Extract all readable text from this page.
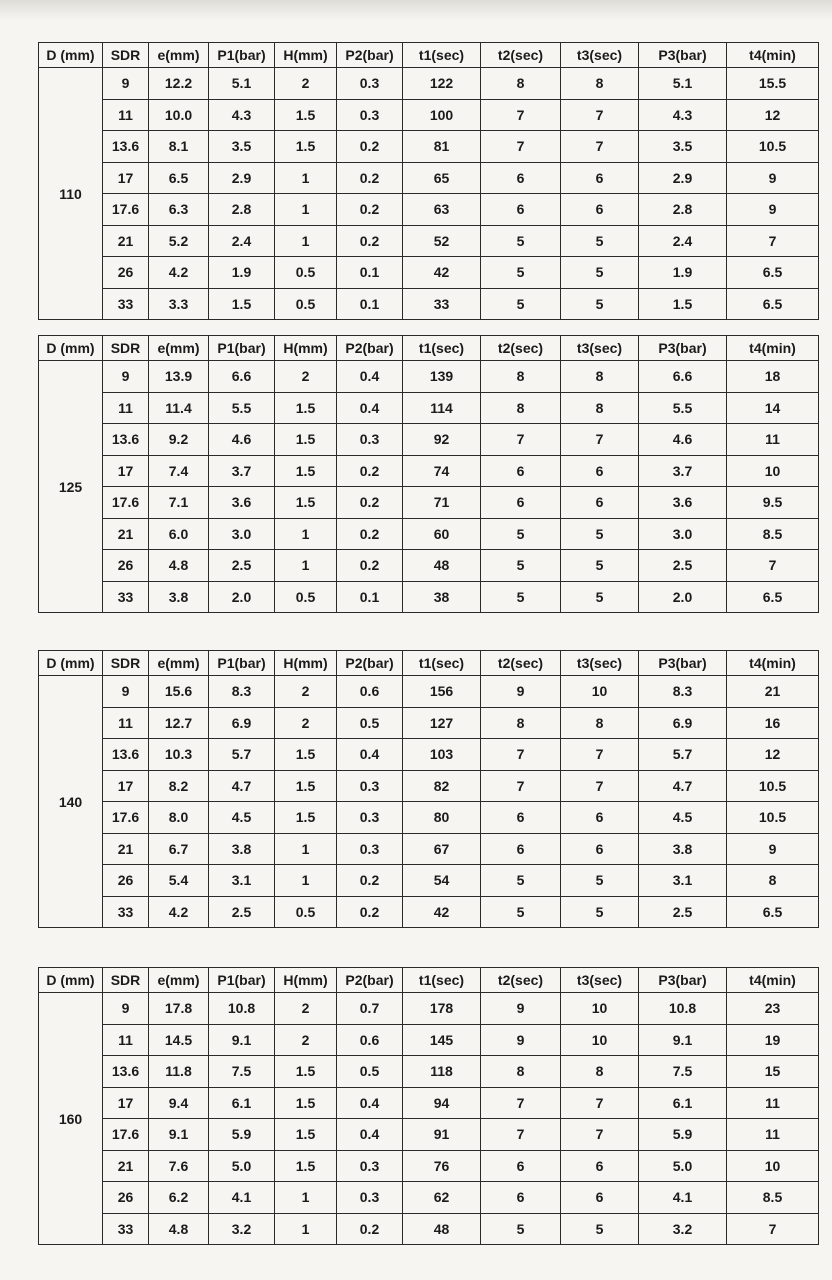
D (mm)	SDR	e(mm)	P1(bar)	H(mm)	P2(bar)	t1(sec)	t2(sec)	t3(sec)	P3(bar)	t4(min)
110	9	12.2	5.1	2	0.3	122	8	8	5.1	15.5
	11	10.0	4.3	1.5	0.3	100	7	7	4.3	12
	13.6	8.1	3.5	1.5	0.2	81	7	7	3.5	10.5
	17	6.5	2.9	1	0.2	65	6	6	2.9	9
	17.6	6.3	2.8	1	0.2	63	6	6	2.8	9
	21	5.2	2.4	1	0.2	52	5	5	2.4	7
	26	4.2	1.9	0.5	0.1	42	5	5	1.9	6.5
	33	3.3	1.5	0.5	0.1	33	5	5	1.5	6.5
D (mm)	SDR	e(mm)	P1(bar)	H(mm)	P2(bar)	t1(sec)	t2(sec)	t3(sec)	P3(bar)	t4(min)
125	9	13.9	6.6	2	0.4	139	8	8	6.6	18
	11	11.4	5.5	1.5	0.4	114	8	8	5.5	14
	13.6	9.2	4.6	1.5	0.3	92	7	7	4.6	11
	17	7.4	3.7	1.5	0.2	74	6	6	3.7	10
	17.6	7.1	3.6	1.5	0.2	71	6	6	3.6	9.5
	21	6.0	3.0	1	0.2	60	5	5	3.0	8.5
	26	4.8	2.5	1	0.2	48	5	5	2.5	7
	33	3.8	2.0	0.5	0.1	38	5	5	2.0	6.5
D (mm)	SDR	e(mm)	P1(bar)	H(mm)	P2(bar)	t1(sec)	t2(sec)	t3(sec)	P3(bar)	t4(min)
140	9	15.6	8.3	2	0.6	156	9	10	8.3	21
	11	12.7	6.9	2	0.5	127	8	8	6.9	16
	13.6	10.3	5.7	1.5	0.4	103	7	7	5.7	12
	17	8.2	4.7	1.5	0.3	82	7	7	4.7	10.5
	17.6	8.0	4.5	1.5	0.3	80	6	6	4.5	10.5
	21	6.7	3.8	1	0.3	67	6	6	3.8	9
	26	5.4	3.1	1	0.2	54	5	5	3.1	8
	33	4.2	2.5	0.5	0.2	42	5	5	2.5	6.5
D (mm)	SDR	e(mm)	P1(bar)	H(mm)	P2(bar)	t1(sec)	t2(sec)	t3(sec)	P3(bar)	t4(min)
160	9	17.8	10.8	2	0.7	178	9	10	10.8	23
	11	14.5	9.1	2	0.6	145	9	10	9.1	19
	13.6	11.8	7.5	1.5	0.5	118	8	8	7.5	15
	17	9.4	6.1	1.5	0.4	94	7	7	6.1	11
	17.6	9.1	5.9	1.5	0.4	91	7	7	5.9	11
	21	7.6	5.0	1.5	0.3	76	6	6	5.0	10
	26	6.2	4.1	1	0.3	62	6	6	4.1	8.5
	33	4.8	3.2	1	0.2	48	5	5	3.2	7
